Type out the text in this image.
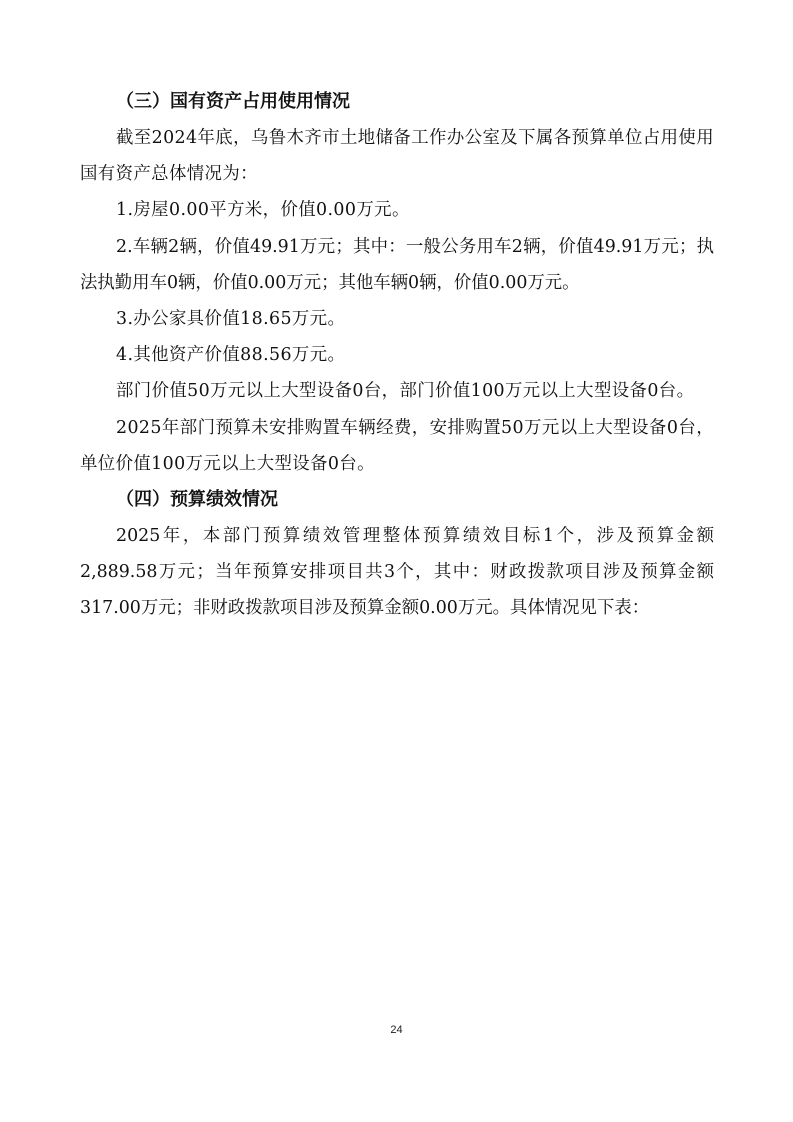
（三）国有资产占用使用情况

截至2024年底，乌鲁木齐市土地储备工作办公室及下属各预算单位占用使用国有资产总体情况为：

1.房屋0.00平方米，价值0.00万元。

2.车辆2辆，价值49.91万元；其中：一般公务用车2辆，价值49.91万元；执法执勤用车0辆，价值0.00万元；其他车辆0辆，价值0.00万元。

3.办公家具价值18.65万元。

4.其他资产价值88.56万元。

部门价值50万元以上大型设备0台，部门价值100万元以上大型设备0台。

2025年部门预算未安排购置车辆经费，安排购置50万元以上大型设备0台，单位价值100万元以上大型设备0台。

（四）预算绩效情况

2025年，本部门预算绩效管理整体预算绩效目标1个，涉及预算金额2,889.58万元；当年预算安排项目共3个，其中：财政拨款项目涉及预算金额317.00万元；非财政拨款项目涉及预算金额0.00万元。具体情况见下表：

24
